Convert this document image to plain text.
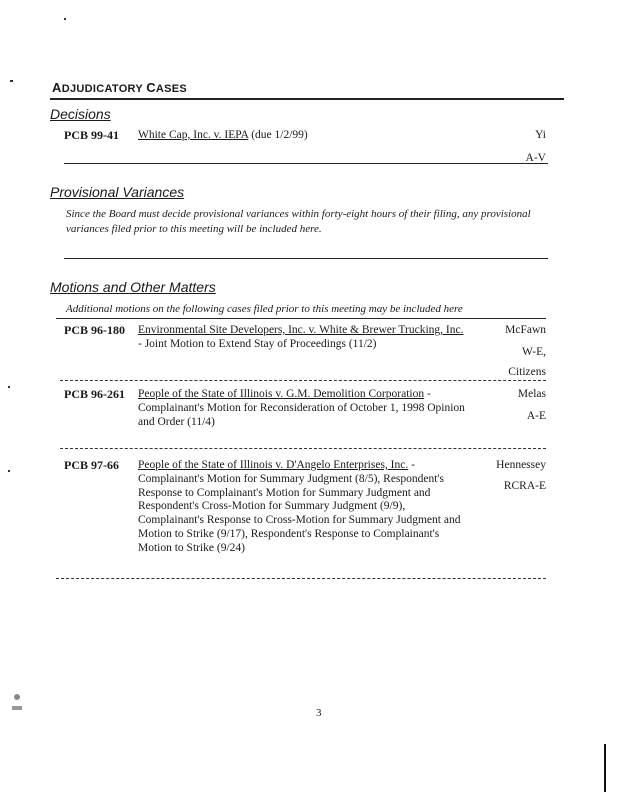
ADJUDICATORY CASES
Decisions
PCB 99-41 White Cap, Inc. v. IEPA (due 1/2/99)	Yi
A-V
Provisional Variances
Since the Board must decide provisional variances within forty-eight hours of their filing, any provisional variances filed prior to this meeting will be included here.
Motions and Other Matters
Additional motions on the following cases filed prior to this meeting may be included here
PCB 96-180 Environmental Site Developers, Inc. v. White & Brewer Trucking, Inc. - Joint Motion to Extend Stay of Proceedings (11/2)
McFawn
W-E,
Citizens
PCB 96-261 People of the State of Illinois v. G.M. Demolition Corporation - Complainant's Motion for Reconsideration of October 1, 1998 Opinion and Order (11/4)
Melas
A-E
PCB 97-66 People of the State of Illinois v. D'Angelo Enterprises, Inc. - Complainant's Motion for Summary Judgment (8/5), Respondent's Response to Complainant's Motion for Summary Judgment and Respondent's Cross-Motion for Summary Judgment (9/9), Complainant's Response to Cross-Motion for Summary Judgment and Motion to Strike (9/17), Respondent's Response to Complainant's Motion to Strike (9/24)
Hennessey
RCRA-E
3
